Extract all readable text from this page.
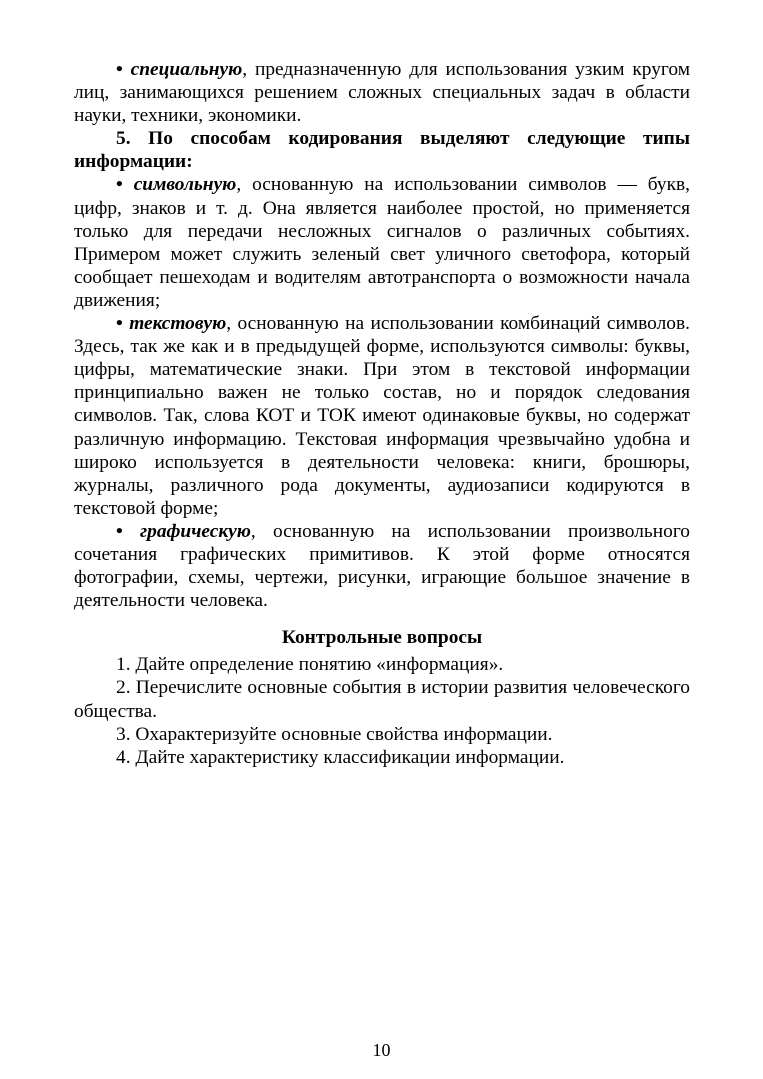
• специальную, предназначенную для использования узким кругом лиц, занимающихся решением сложных специальных задач в области науки, техники, экономики.

5. По способам кодирования выделяют следующие типы информации:

• символьную, основанную на использовании символов — букв, цифр, знаков и т. д. Она является наиболее простой, но применяется только для передачи несложных сигналов о различных событиях. Примером может служить зеленый свет уличного светофора, который сообщает пешеходам и водителям автотранспорта о возможности начала движения;

• текстовую, основанную на использовании комбинаций символов. Здесь, так же как и в предыдущей форме, используются символы: буквы, цифры, математические знаки. При этом в текстовой информации принципиально важен не только состав, но и порядок следования символов. Так, слова КОТ и ТОК имеют одинаковые буквы, но содержат различную информацию. Текстовая информация чрезвычайно удобна и широко используется в деятельности человека: книги, брошюры, журналы, различного рода документы, аудиозаписи кодируются в текстовой форме;

• графическую, основанную на использовании произвольного сочетания графических примитивов. К этой форме относятся фотографии, схемы, чертежи, рисунки, играющие большое значение в деятельности человека.

Контрольные вопросы

1. Дайте определение понятию «информация».

2. Перечислите основные события в истории развития человеческого общества.

3. Охарактеризуйте основные свойства информации.

4. Дайте характеристику классификации информации.

10
